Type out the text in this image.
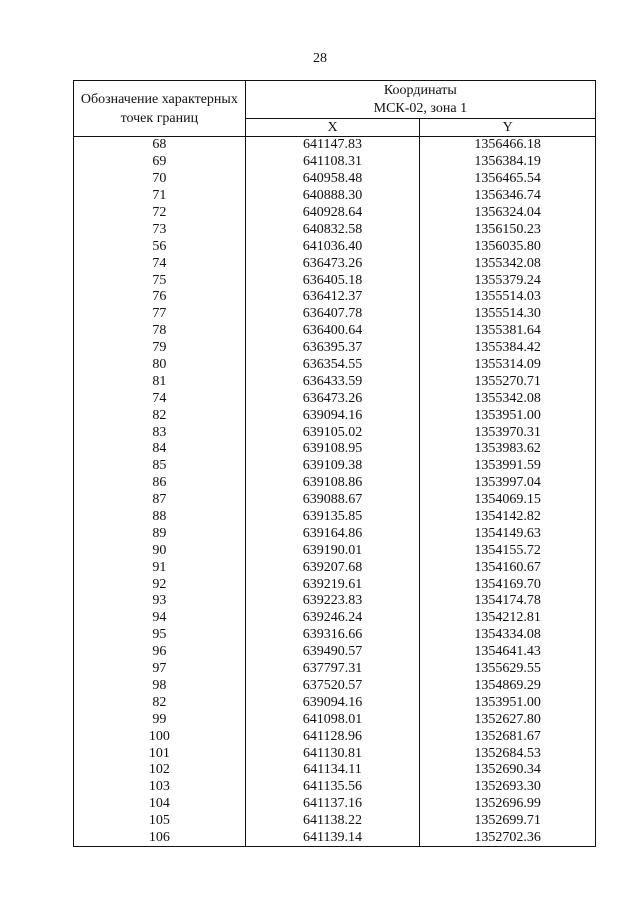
28
Обозначение характерных точек границ	Координаты
МСК-02, зона 1	

	X	Y
68	641147.83	1356466.18
69	641108.31	1356384.19
70	640958.48	1356465.54
71	640888.30	1356346.74
72	640928.64	1356324.04
73	640832.58	1356150.23
56	641036.40	1356035.80
74	636473.26	1355342.08
75	636405.18	1355379.24
76	636412.37	1355514.03
77	636407.78	1355514.30
78	636400.64	1355381.64
79	636395.37	1355384.42
80	636354.55	1355314.09
81	636433.59	1355270.71
74	636473.26	1355342.08
82	639094.16	1353951.00
83	639105.02	1353970.31
84	639108.95	1353983.62
85	639109.38	1353991.59
86	639108.86	1353997.04
87	639088.67	1354069.15
88	639135.85	1354142.82
89	639164.86	1354149.63
90	639190.01	1354155.72
91	639207.68	1354160.67
92	639219.61	1354169.70
93	639223.83	1354174.78
94	639246.24	1354212.81
95	639316.66	1354334.08
96	639490.57	1354641.43
97	637797.31	1355629.55
98	637520.57	1354869.29
82	639094.16	1353951.00
99	641098.01	1352627.80
100	641128.96	1352681.67
101	641130.81	1352684.53
102	641134.11	1352690.34
103	641135.56	1352693.30
104	641137.16	1352696.99
105	641138.22	1352699.71
106	641139.14	1352702.36
